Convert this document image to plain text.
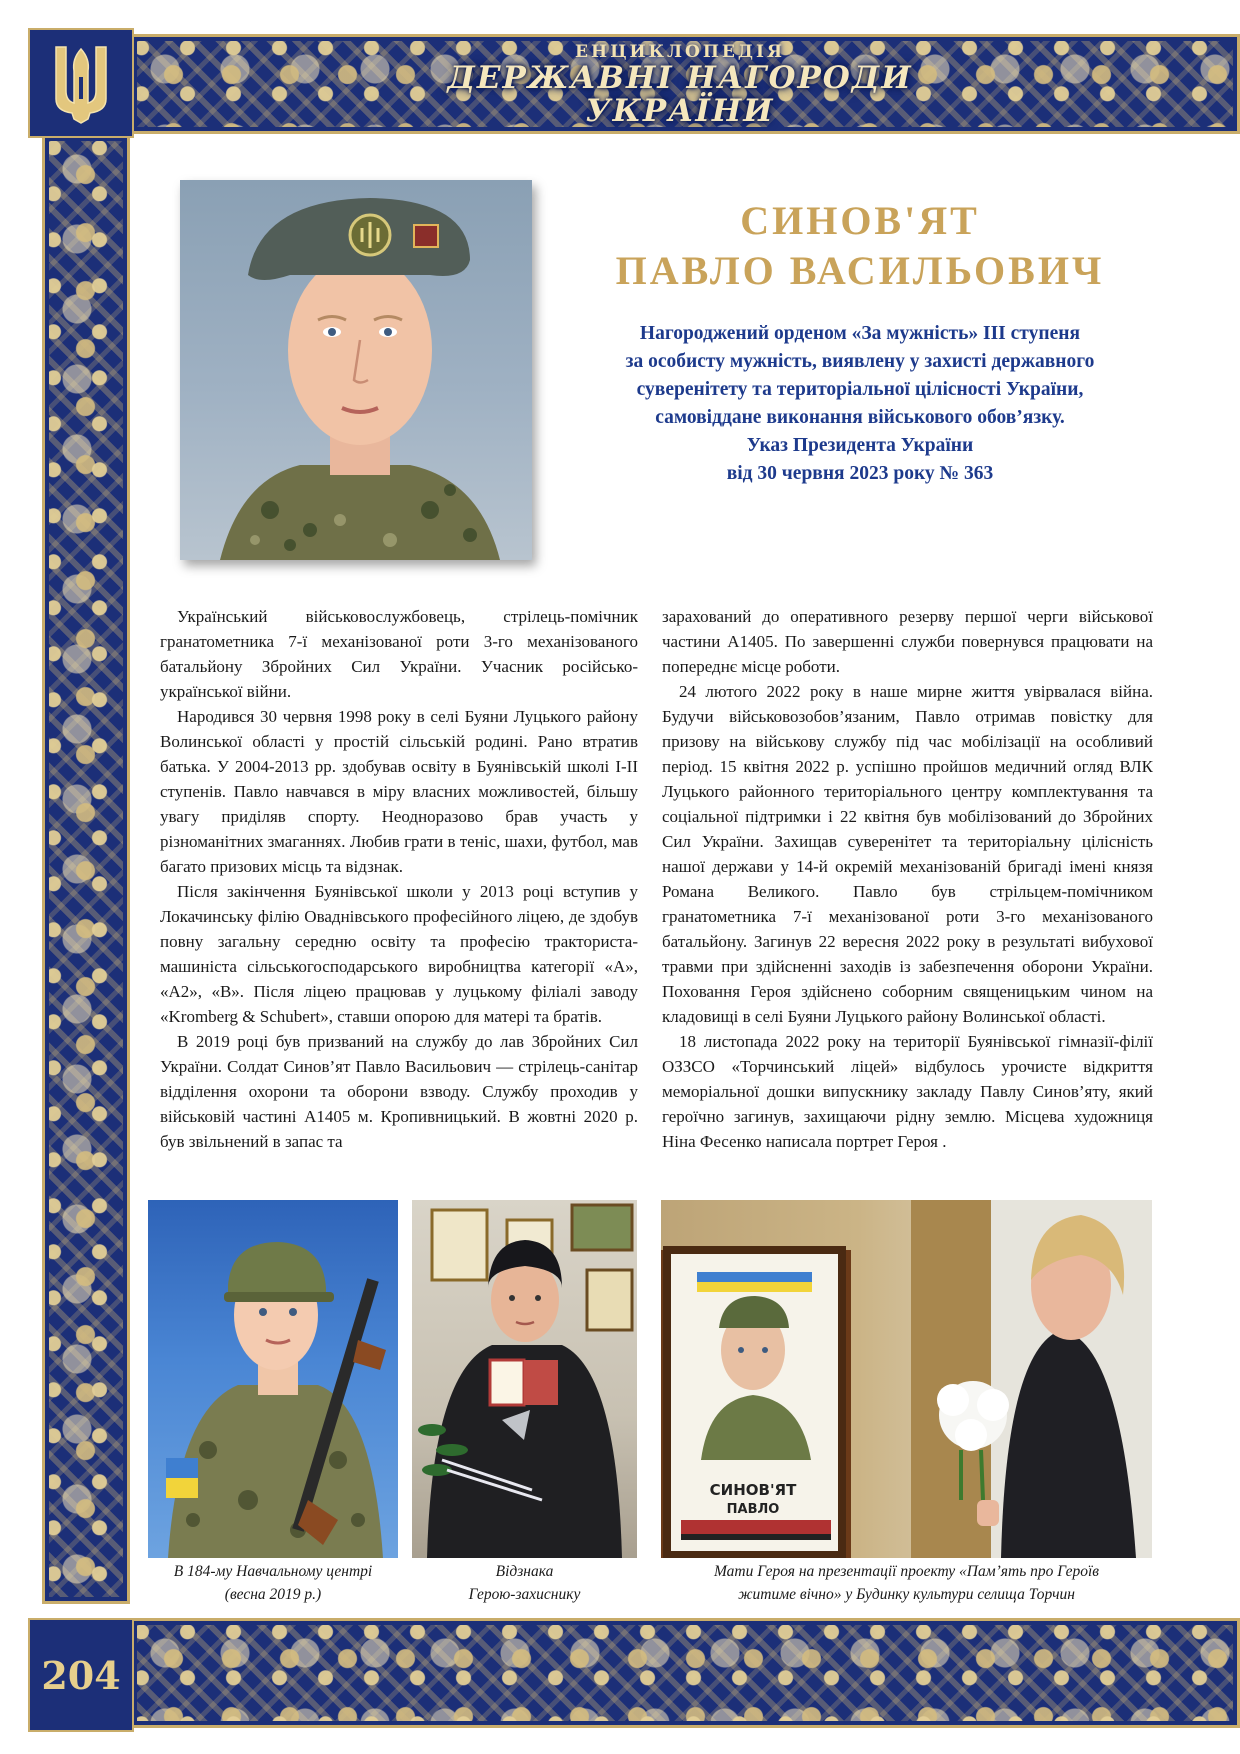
ЕНЦИКЛОПЕДІЯ
ДЕРЖАВНІ НАГОРОДИ
УКРАЇНИ
204
СИНОВ'ЯТ
ПАВЛО ВАСИЛЬОВИЧ
Нагороджений орденом «За мужність» ІІІ ступеня
за особисту мужність, виявлену у захисті державного
суверенітету та територіальної цілісності України,
самовіддане виконання військового обов’язку.
Указ Президента України
від 30 червня 2023 року № 363

Український військовослужбовець, стрілець-помічник гранатометника 7-ї механізованої роти 3-го механізованого батальйону Збройних Сил України. Учасник російсько-української війни.

Народився 30 червня 1998 року в селі Буяни Луцького району Волинської області у простій сільській родині. Рано втратив батька. У 2004-2013 рр. здобував освіту в Буянівській школі І-ІІ ступенів. Павло навчався в міру власних можливостей, більшу увагу приділяв спорту. Неодноразово брав участь у різноманітних змаганнях. Любив грати в теніс, шахи, футбол, мав багато призових місць та відзнак.

Після закінчення Буянівської школи у 2013 році вступив у Локачинську філію Оваднівського професійного ліцею, де здобув повну загальну середню освіту та професію тракториста-машиніста сільськогосподарського виробництва категорії «А», «А2», «В». Після ліцею працював у луцькому філіалі заводу «Kromberg & Schubert», ставши опорою для матері та братів.

В 2019 році був призваний на службу до лав Збройних Сил України. Солдат Синов’ят Павло Васильович — стрілець-санітар відділення охорони та оборони взводу. Службу проходив у військовій частині А1405 м. Кропивницький. В жовтні 2020 р. був звільнений в запас та

зарахований до оперативного резерву першої черги військової частини А1405. По завершенні служби повернувся працювати на попереднє місце роботи.

24 лютого 2022 року в наше мирне життя увірвалася війна. Будучи військовозобов’язаним, Павло отримав повістку для призову на військову службу під час мобілізації на особливий період. 15 квітня 2022 р. успішно пройшов медичний огляд ВЛК Луцького районного територіального центру комплектування та соціальної підтримки і 22 квітня був мобілізований до Збройних Сил України. Захищав суверенітет та територіальну цілісність нашої держави у 14-й окремій механізованій бригаді імені князя Романа Великого. Павло був стрільцем-помічником гранатометника 7-ї механізованої роти 3-го механізованого батальйону. Загинув 22 вересня 2022 року в результаті вибухової травми при здійсненні заходів із забезпечення оборони України. Поховання Героя здійснено соборним священицьким чином на кладовищі в селі Буяни Луцького району Волинської області.

18 листопада 2022 року на території Буянівської гімназії-філії ОЗЗСО «Торчинський ліцей» відбулось урочисте відкриття меморіальної дошки випускнику закладу Павлу Синов’яту, який героїчно загинув, захищаючи рідну землю. Місцева художниця Ніна Фесенко написала портрет Героя .

СИНОВ'ЯТ
ПАВЛО
В 184-му Навчальному центрі
(весна 2019 р.)
Відзнака
Герою-захиснику
Мати Героя на презентації проекту «Пам’ять про Героїв
житиме вічно» у Будинку культури селища Торчин
